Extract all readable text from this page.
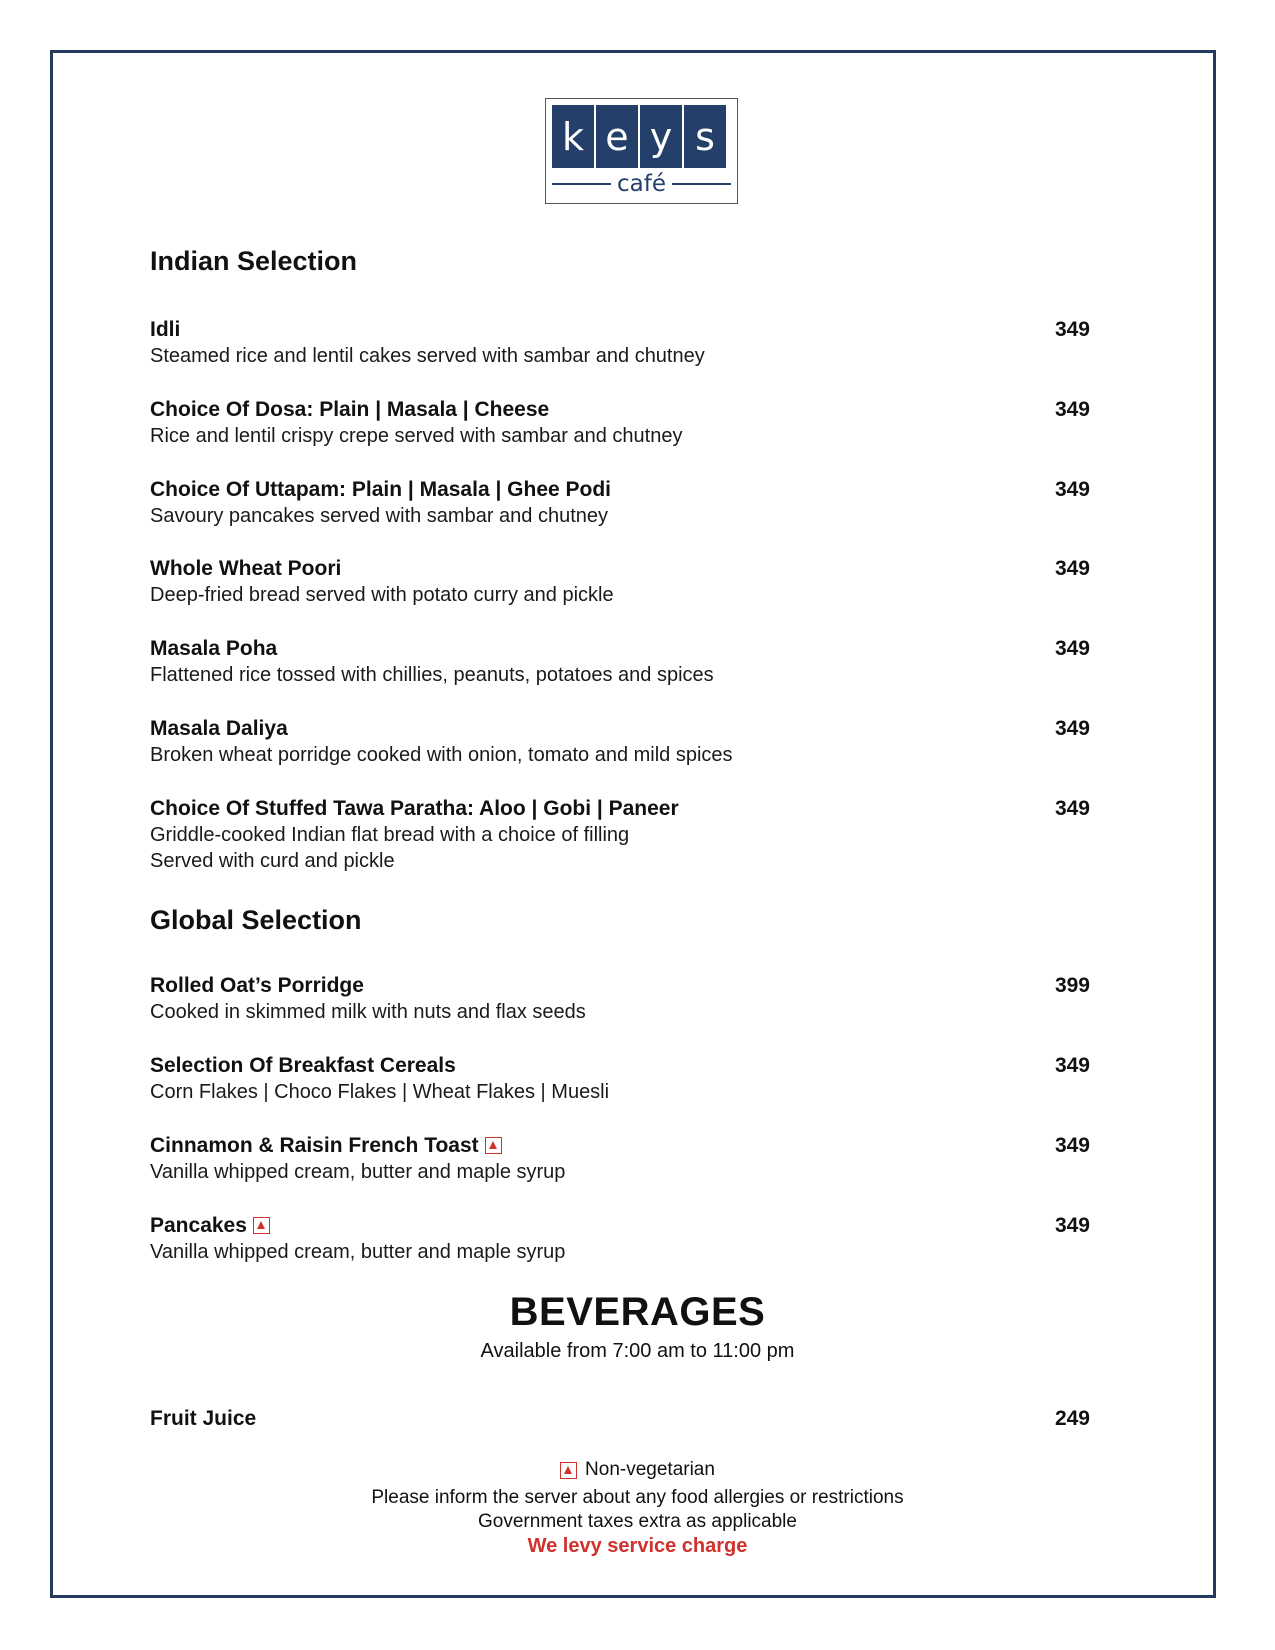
k e y s
café
Indian Selection
Idli	349
Steamed rice and lentil cakes served with sambar and chutney
Choice Of Dosa: Plain | Masala | Cheese	349
Rice and lentil crispy crepe served with sambar and chutney
Choice Of Uttapam: Plain | Masala | Ghee Podi	349
Savoury pancakes served with sambar and chutney
Whole Wheat Poori	349
Deep-fried bread served with potato curry and pickle
Masala Poha	349
Flattened rice tossed with chillies, peanuts, potatoes and spices
Masala Daliya	349
Broken wheat porridge cooked with onion, tomato and mild spices
Choice Of Stuffed Tawa Paratha: Aloo | Gobi | Paneer	349
Griddle-cooked Indian flat bread with a choice of filling
Served with curd and pickle
Global Selection
Rolled Oat’s Porridge	399
Cooked in skimmed milk with nuts and flax seeds
Selection Of Breakfast Cereals	349
Corn Flakes | Choco Flakes | Wheat Flakes | Muesli
Cinnamon & Raisin French Toast	349
Vanilla whipped cream, butter and maple syrup
Pancakes	349
Vanilla whipped cream, butter and maple syrup
BEVERAGES
Available from 7:00 am to 11:00 pm
Fruit Juice	249
Non-vegetarian
Please inform the server about any food allergies or restrictions
Government taxes extra as applicable
We levy service charge
